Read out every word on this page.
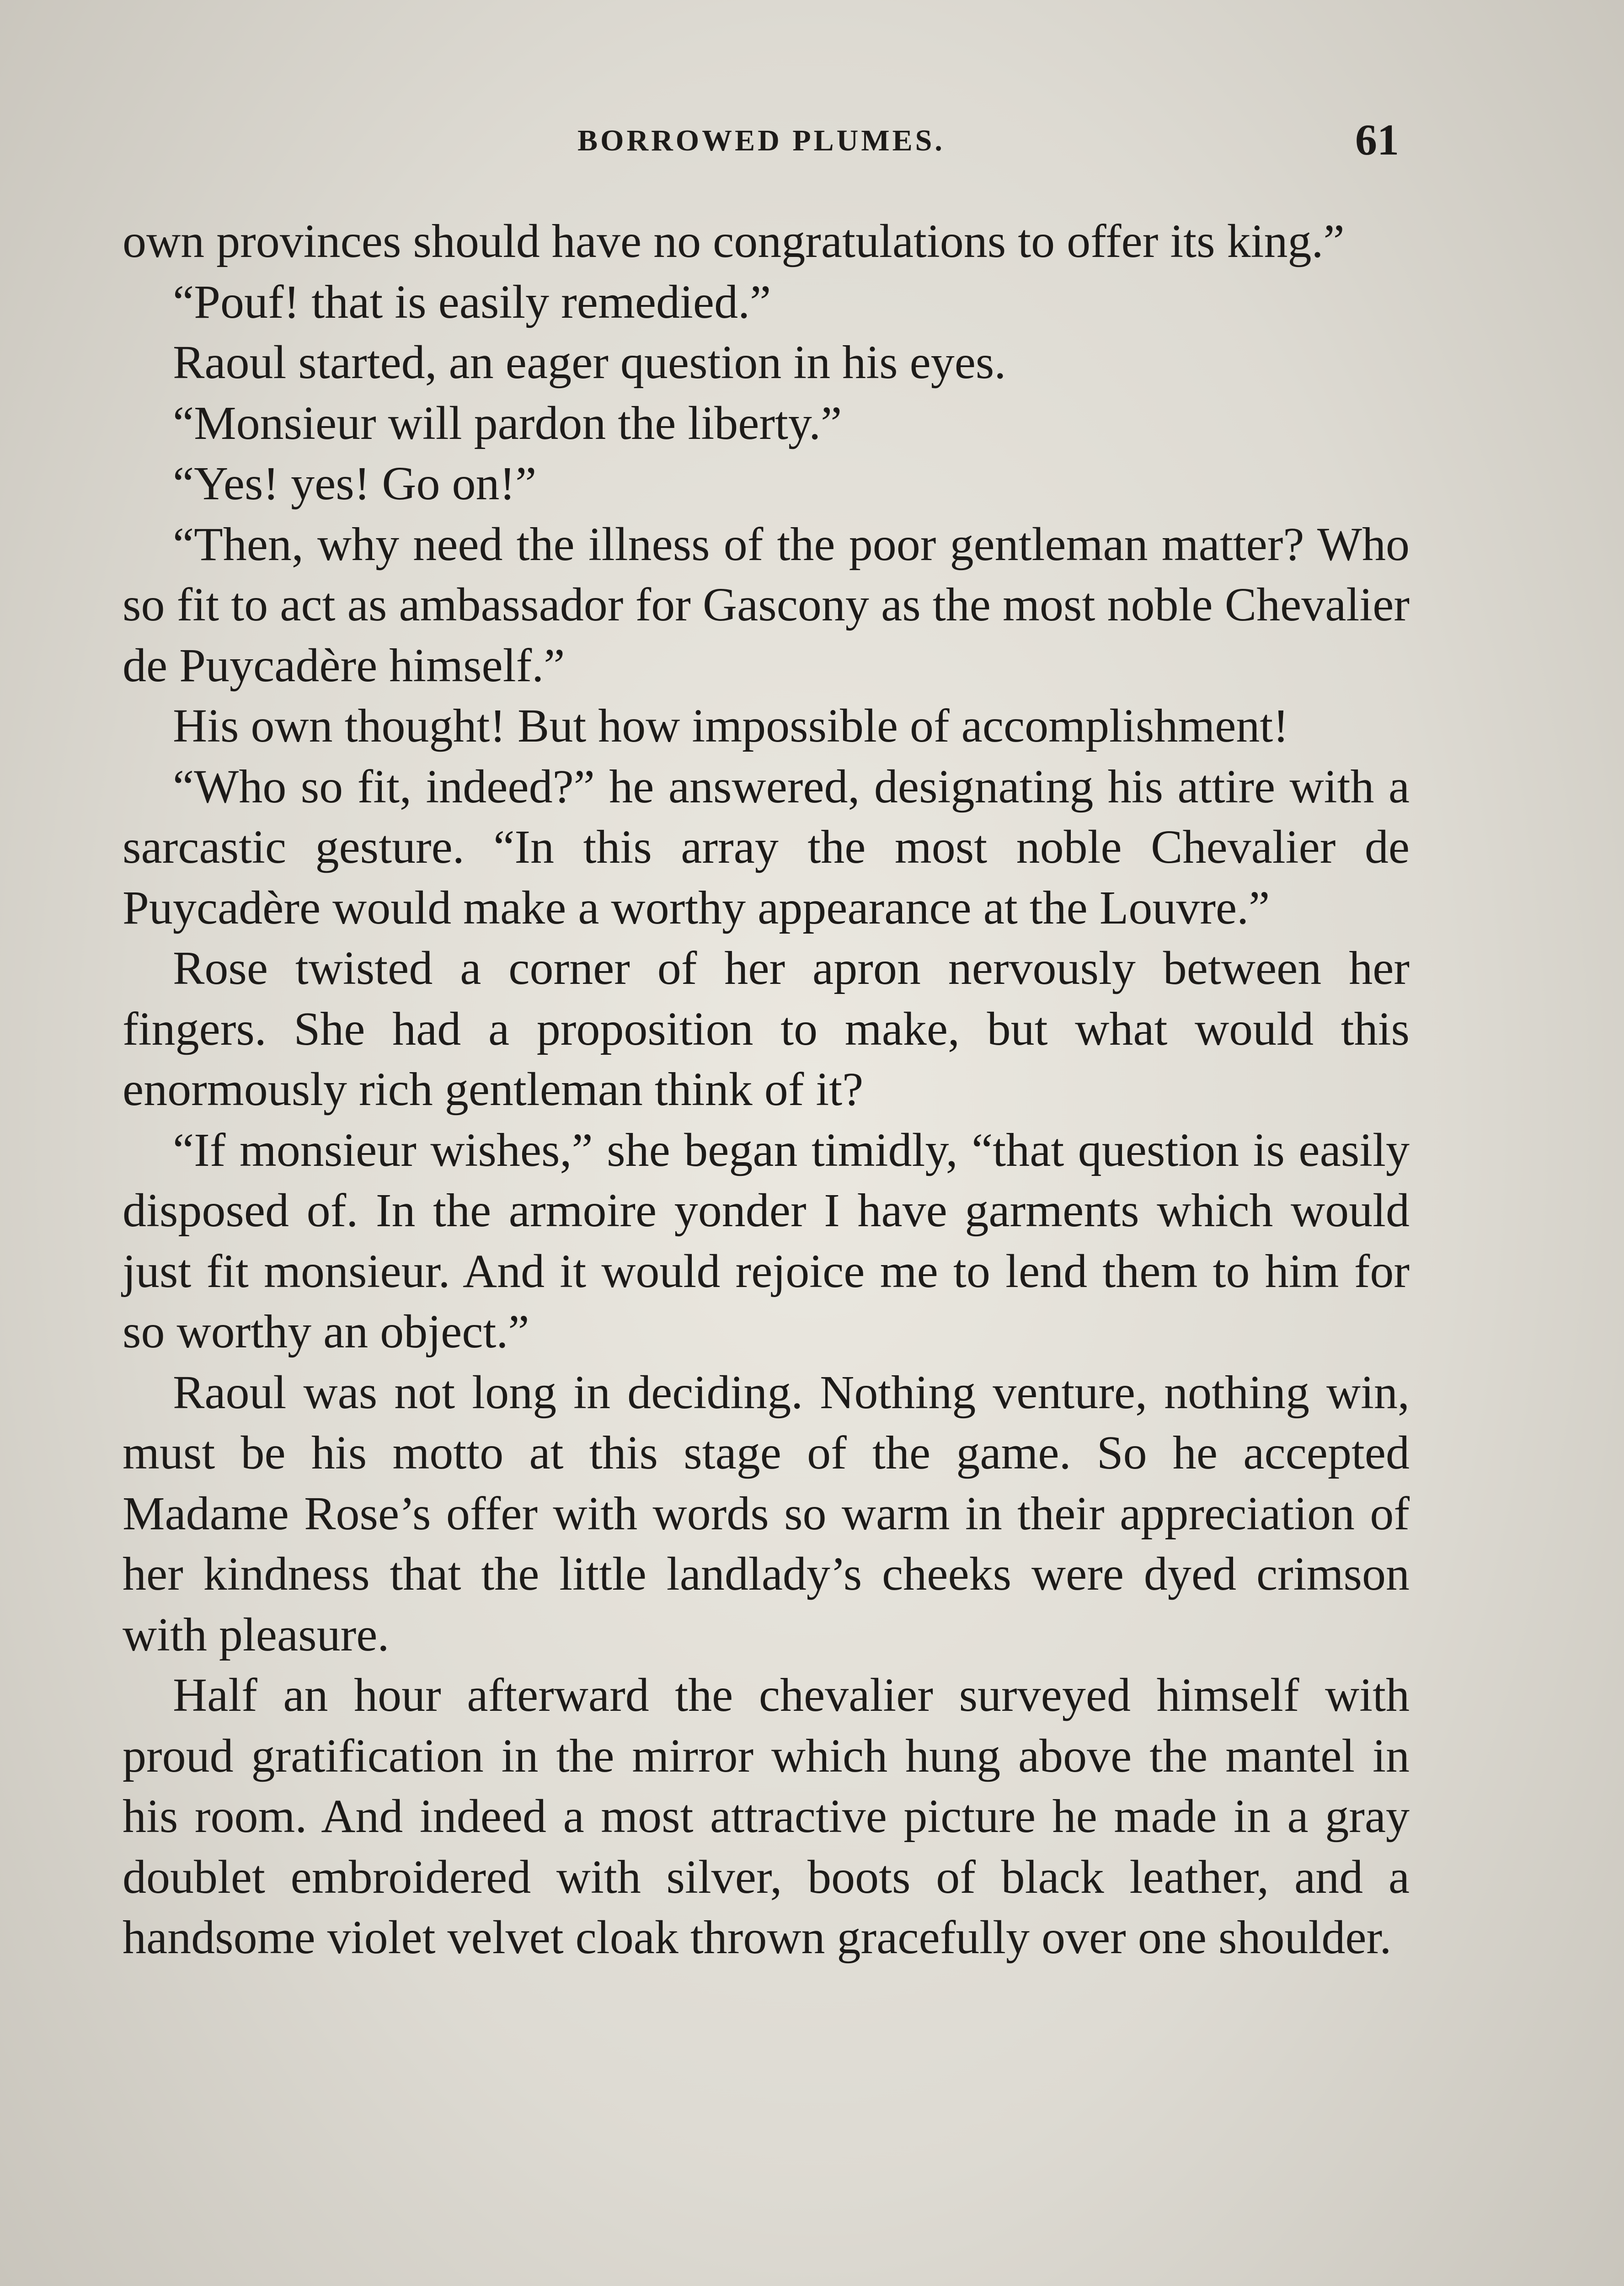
BORROWED PLUMES.	61

own provinces should have no congratulations to offer its king.”

“Pouf! that is easily remedied.”

Raoul started, an eager question in his eyes.

“Monsieur will pardon the liberty.”

“Yes! yes! Go on!”

“Then, why need the illness of the poor gentleman matter? Who so fit to act as ambassador for Gascony as the most noble Chevalier de Puycadère himself.”

His own thought! But how impossible of accomplishment!

“Who so fit, indeed?” he answered, designating his attire with a sarcastic gesture. “In this array the most noble Chevalier de Puycadère would make a worthy appearance at the Louvre.”

Rose twisted a corner of her apron nervously between her fingers. She had a proposition to make, but what would this enormously rich gentleman think of it?

“If monsieur wishes,” she began timidly, “that question is easily disposed of. In the armoire yonder I have garments which would just fit monsieur. And it would rejoice me to lend them to him for so worthy an object.”

Raoul was not long in deciding. Nothing venture, nothing win, must be his motto at this stage of the game. So he accepted Madame Rose’s offer with words so warm in their appreciation of her kindness that the little landlady’s cheeks were dyed crimson with pleasure.

Half an hour afterward the chevalier surveyed himself with proud gratification in the mirror which hung above the mantel in his room. And indeed a most attractive picture he made in a gray doublet embroidered with silver, boots of black leather, and a handsome violet velvet cloak thrown gracefully over one shoulder.
